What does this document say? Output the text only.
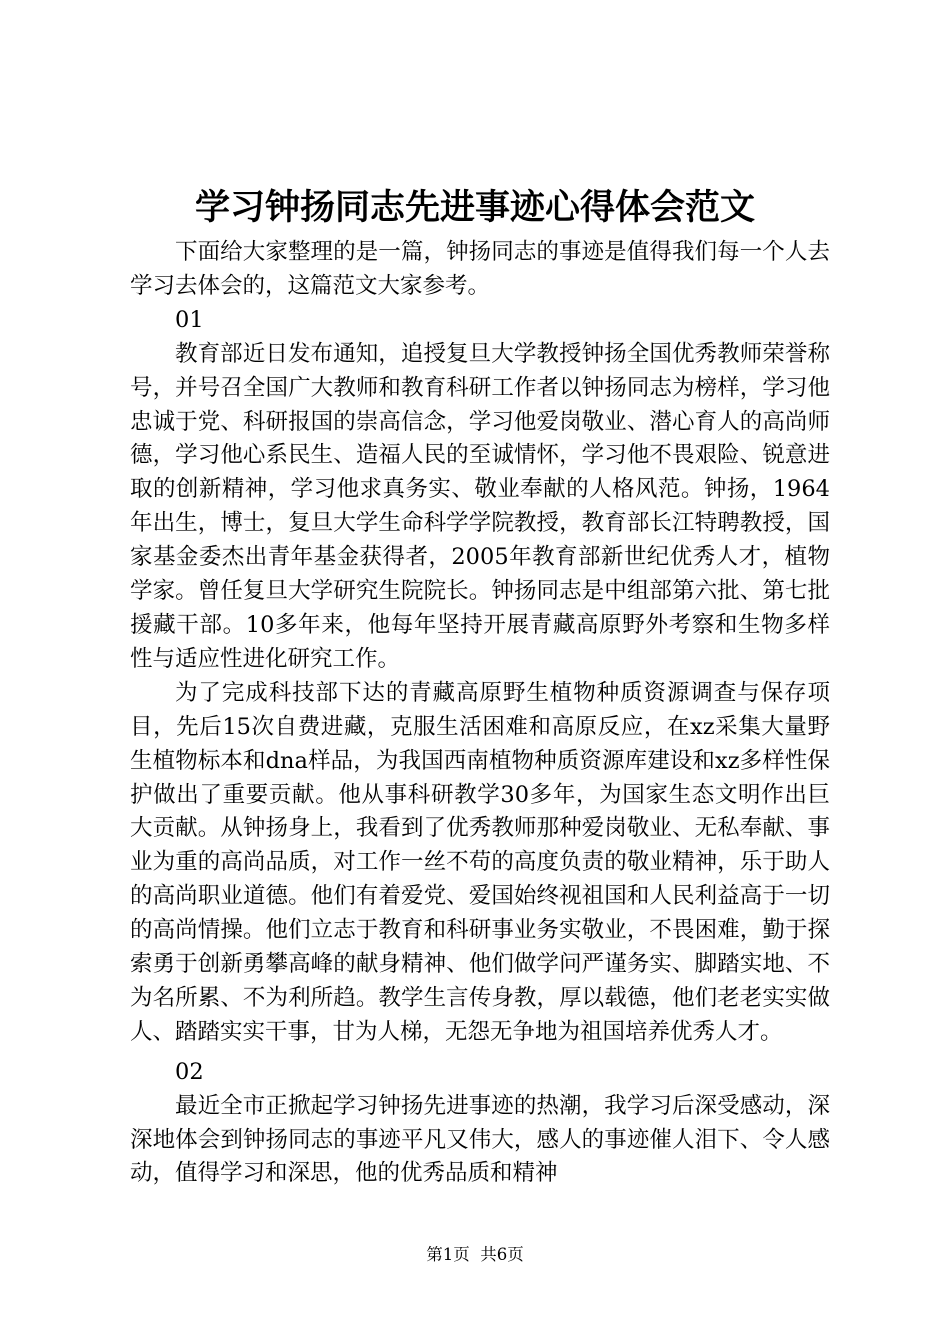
学习钟扬同志先进事迹心得体会范文

下面给大家整理的是一篇，钟扬同志的事迹是值得我们每一个人去学习去体会的，这篇范文大家参考。

01

教育部近日发布通知，追授复旦大学教授钟扬全国优秀教师荣誉称号，并号召全国广大教师和教育科研工作者以钟扬同志为榜样，学习他忠诚于党、科研报国的崇高信念，学习他爱岗敬业、潜心育人的高尚师德，学习他心系民生、造福人民的至诚情怀，学习他不畏艰险、锐意进取的创新精神，学习他求真务实、敬业奉献的人格风范。钟扬，1964年出生，博士，复旦大学生命科学学院教授，教育部长江特聘教授，国家基金委杰出青年基金获得者，2005年教育部新世纪优秀人才，植物学家。曾任复旦大学研究生院院长。钟扬同志是中组部第六批、第七批援藏干部。10多年来，他每年坚持开展青藏高原野外考察和生物多样性与适应性进化研究工作。

为了完成科技部下达的青藏高原野生植物种质资源调查与保存项目，先后15次自费进藏，克服生活困难和高原反应，在xz采集大量野生植物标本和dna样品，为我国西南植物种质资源库建设和xz多样性保护做出了重要贡献。他从事科研教学30多年，为国家生态文明作出巨大贡献。从钟扬身上，我看到了优秀教师那种爱岗敬业、无私奉献、事业为重的高尚品质，对工作一丝不苟的高度负责的敬业精神，乐于助人的高尚职业道德。他们有着爱党、爱国始终视祖国和人民利益高于一切的高尚情操。他们立志于教育和科研事业务实敬业，不畏困难，勤于探索勇于创新勇攀高峰的献身精神、他们做学问严谨务实、脚踏实地、不为名所累、不为利所趋。教学生言传身教，厚以载德，他们老老实实做人、踏踏实实干事，甘为人梯，无怨无争地为祖国培养优秀人才。

02

最近全市正掀起学习钟扬先进事迹的热潮，我学习后深受感动，深深地体会到钟扬同志的事迹平凡又伟大，感人的事迹催人泪下、令人感动，值得学习和深思，他的优秀品质和精神

第1页  共6页
